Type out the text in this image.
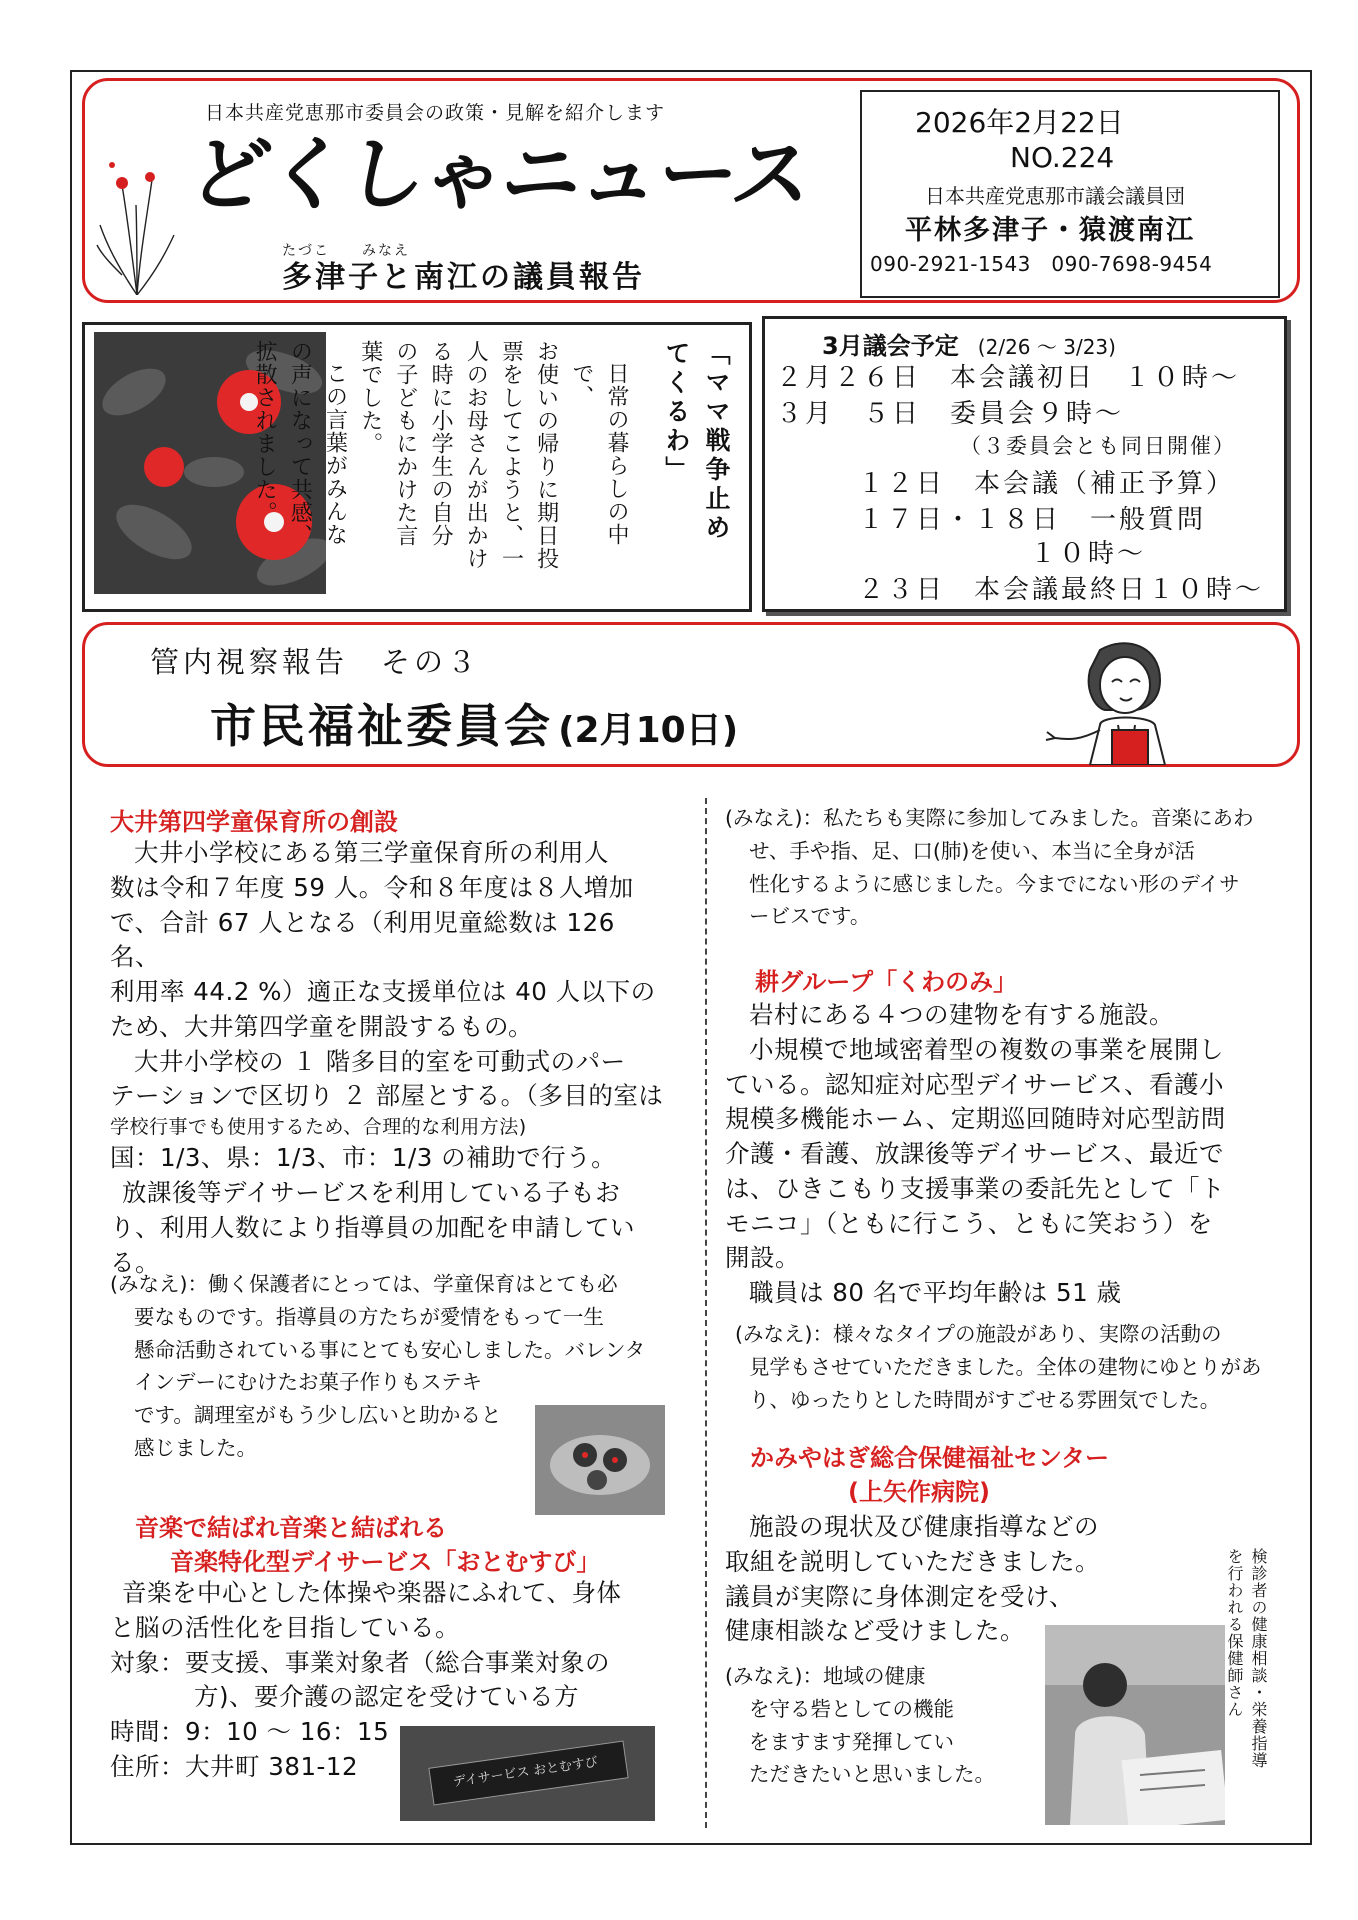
日本共産党恵那市委員会の政策・見解を紹介します
どくしゃニュース
たづこ　　みなえ
多津子と南江の議員報告
2026年2月22日
NO.224
日本共産党恵那市議会議員団
平林多津子・猿渡南江
090-2921-1543　090-7698-9454
「ママ戦争止め
てくるわ」
日常の暮らしの中で、
お使いの帰りに期日投
票をしてこようと、一
人のお母さんが出かけ
る時に小学生の自分
の子どもにかけた言
葉でした。
この言葉がみんな
の声になって共感、
拡散されました。	3月議会予定 (2/26 ～ 3/23)
２月２６日　本会議初日　１０時～
３月　５日　委員会９時～
（３委員会とも同日開催）
１２日　本会議（補正予算）
１７日・１８日　一般質問
１０時～
２３日　本会議最終日１０時～
管内視察報告　その３
市民福祉委員会 (2月10日)
大井第四学童保育所の創設

大井小学校にある第三学童保育所の利用人

数は令和７年度 59 人。令和８年度は８人増加

で、合計 67 人となる（利用児童総数は 126 名、

利用率 44.2 %）適正な支援単位は 40 人以下の

ため、大井第四学童を開設するもの。

大井小学校の １ 階多目的室を可動式のパー

テーションで区切り ２ 部屋とする。（多目的室は

学校行事でも使用するため、合理的な利用方法)

国：1/3、県：1/3、市：1/3 の補助で行う。

放課後等デイサービスを利用している子もお

り、利用人数により指導員の加配を申請してい

る。

(みなえ)：働く保護者にとっては、学童保育はとても必

要なものです。指導員の方たちが愛情をもって一生

懸命活動されている事にとても安心しました。バレンタ

インデーにむけたお菓子作りもステキ

です。調理室がもう少し広いと助かると

感じました。

音楽で結ばれ音楽と結ばれる
音楽特化型デイサービス「おとむすび」

音楽を中心とした体操や楽器にふれて、身体

と脳の活性化を目指している。

対象：要支援、事業対象者（総合事業対象の

方)、要介護の認定を受けている方

時間：9：10 ～ 16：15

住所：大井町 381-12	デイサービス おとむすび

(みなえ)：私たちも実際に参加してみました。音楽にあわ

せ、手や指、足、口(肺)を使い、本当に全身が活

性化するように感じました。今までにない形のデイサ

ービスです。

耕グループ「くわのみ」

岩村にある４つの建物を有する施設。

小規模で地域密着型の複数の事業を展開し

ている。認知症対応型デイサービス、看護小

規模多機能ホーム、定期巡回随時対応型訪問

介護・看護、放課後等デイサービス、最近で

は、ひきこもり支援事業の委託先として「ト

モニコ」（ともに行こう、ともに笑おう）を

開設。

職員は 80 名で平均年齢は 51 歳

(みなえ)：様々なタイプの施設があり、実際の活動の

見学もさせていただきました。全体の建物にゆとりがあ

り、ゆったりとした時間がすごせる雰囲気でした。

かみやはぎ総合保健福祉センター
(上矢作病院)

施設の現状及び健康指導などの

取組を説明していただきました。

議員が実際に身体測定を受け、

健康相談など受けました。

(みなえ)：地域の健康

を守る砦としての機能

をますます発揮してい

ただきたいと思いました。

検診者の健康相談・栄養指導
を行われる保健師さん
